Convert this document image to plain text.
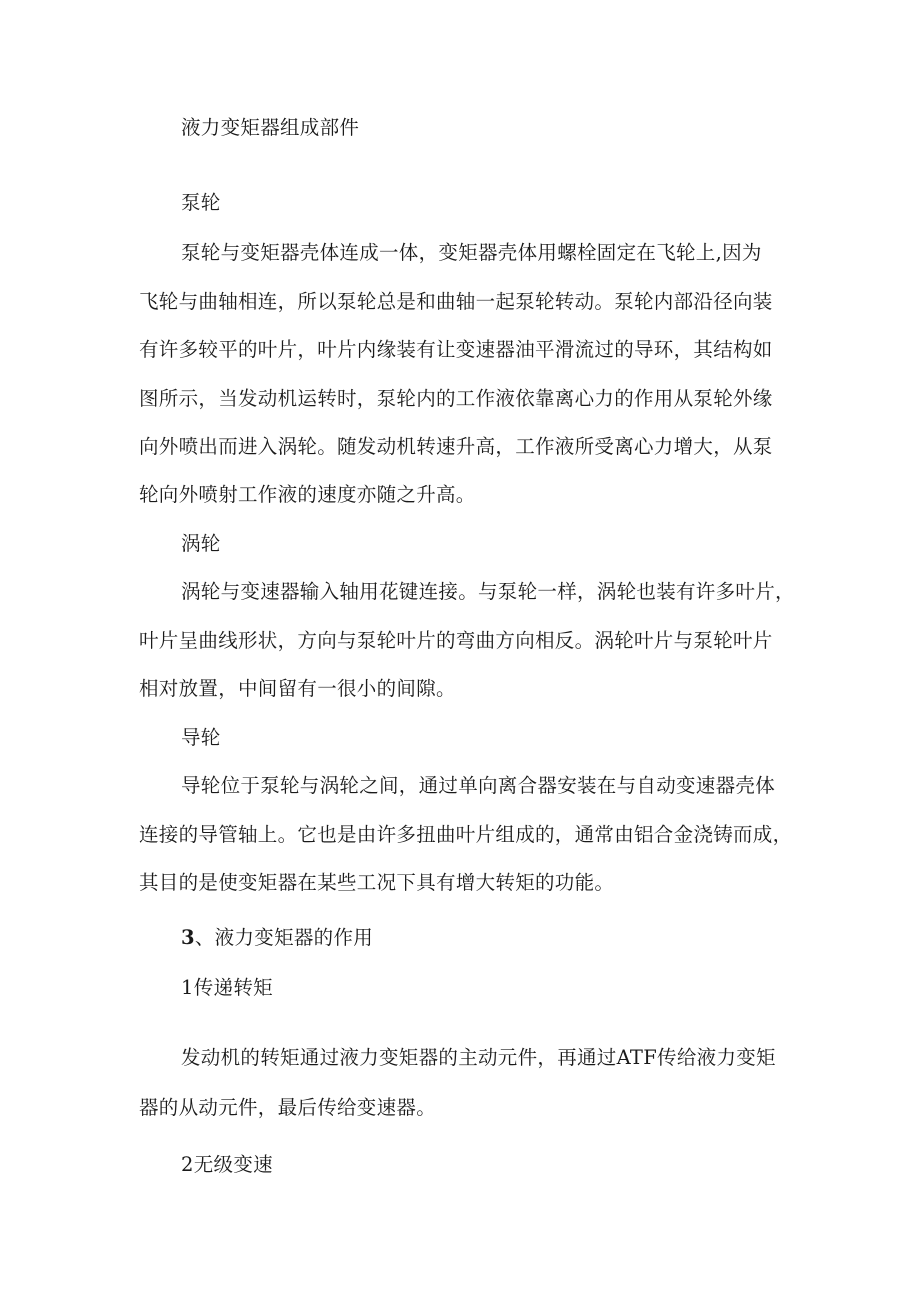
液力变矩器组成部件
泵轮
泵轮与变矩器壳体连成一体，变矩器壳体用螺栓固定在飞轮上,因为
飞轮与曲轴相连，所以泵轮总是和曲轴一起泵轮转动。泵轮内部沿径向装
有许多较平的叶片，叶片内缘装有让变速器油平滑流过的导环，其结构如
图所示，当发动机运转时，泵轮内的工作液依靠离心力的作用从泵轮外缘
向外喷出而进入涡轮。随发动机转速升高，工作液所受离心力增大，从泵
轮向外喷射工作液的速度亦随之升高。
涡轮
涡轮与变速器输入轴用花键连接。与泵轮一样，涡轮也装有许多叶片，
叶片呈曲线形状，方向与泵轮叶片的弯曲方向相反。涡轮叶片与泵轮叶片
相对放置，中间留有一很小的间隙。
导轮
导轮位于泵轮与涡轮之间，通过单向离合器安装在与自动变速器壳体
连接的导管轴上。它也是由许多扭曲叶片组成的，通常由铝合金浇铸而成，
其目的是使变矩器在某些工况下具有增大转矩的功能。
3、液力变矩器的作用
1传递转矩
发动机的转矩通过液力变矩器的主动元件，再通过ATF传给液力变矩
器的从动元件，最后传给变速器。
2无级变速
